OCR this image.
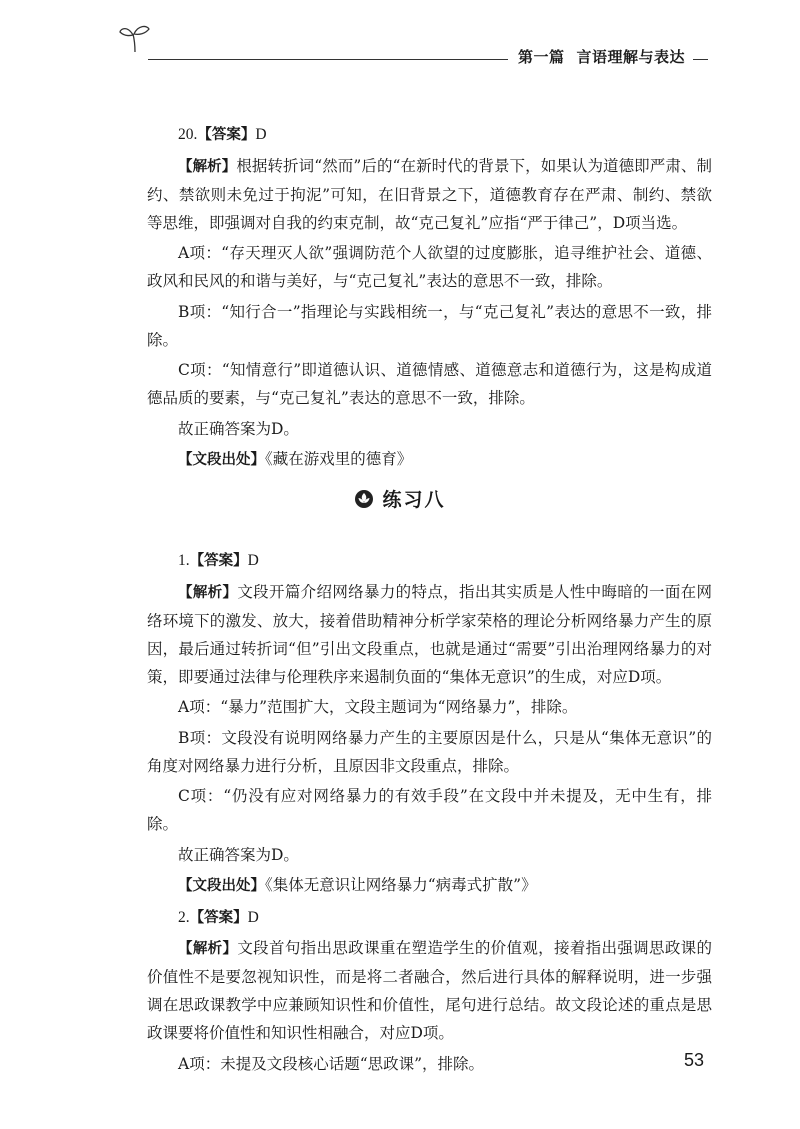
第一篇 言语理解与表达

20.【答案】D

【解析】根据转折词“然而”后的“在新时代的背景下，如果认为道德即严肃、制约、禁欲则未免过于拘泥”可知，在旧背景之下，道德教育存在严肃、制约、禁欲等思维，即强调对自我的约束克制，故“克己复礼”应指“严于律己”，D项当选。

A项：“存天理灭人欲”强调防范个人欲望的过度膨胀，追寻维护社会、道德、政风和民风的和谐与美好，与“克己复礼”表达的意思不一致，排除。

B项：“知行合一”指理论与实践相统一，与“克己复礼”表达的意思不一致，排除。

C项：“知情意行”即道德认识、道德情感、道德意志和道德行为，这是构成道德品质的要素，与“克己复礼”表达的意思不一致，排除。

故正确答案为D。

【文段出处】《藏在游戏里的德育》

练习八

1.【答案】D

【解析】文段开篇介绍网络暴力的特点，指出其实质是人性中晦暗的一面在网络环境下的激发、放大，接着借助精神分析学家荣格的理论分析网络暴力产生的原因，最后通过转折词“但”引出文段重点，也就是通过“需要”引出治理网络暴力的对策，即要通过法律与伦理秩序来遏制负面的“集体无意识”的生成，对应D项。

A项：“暴力”范围扩大，文段主题词为“网络暴力”，排除。

B项：文段没有说明网络暴力产生的主要原因是什么，只是从“集体无意识”的角度对网络暴力进行分析，且原因非文段重点，排除。

C项：“仍没有应对网络暴力的有效手段”在文段中并未提及，无中生有，排除。

故正确答案为D。

【文段出处】《集体无意识让网络暴力“病毒式扩散”》

2.【答案】D

【解析】文段首句指出思政课重在塑造学生的价值观，接着指出强调思政课的价值性不是要忽视知识性，而是将二者融合，然后进行具体的解释说明，进一步强调在思政课教学中应兼顾知识性和价值性，尾句进行总结。故文段论述的重点是思政课要将价值性和知识性相融合，对应D项。

A项：未提及文段核心话题“思政课”，排除。	53
